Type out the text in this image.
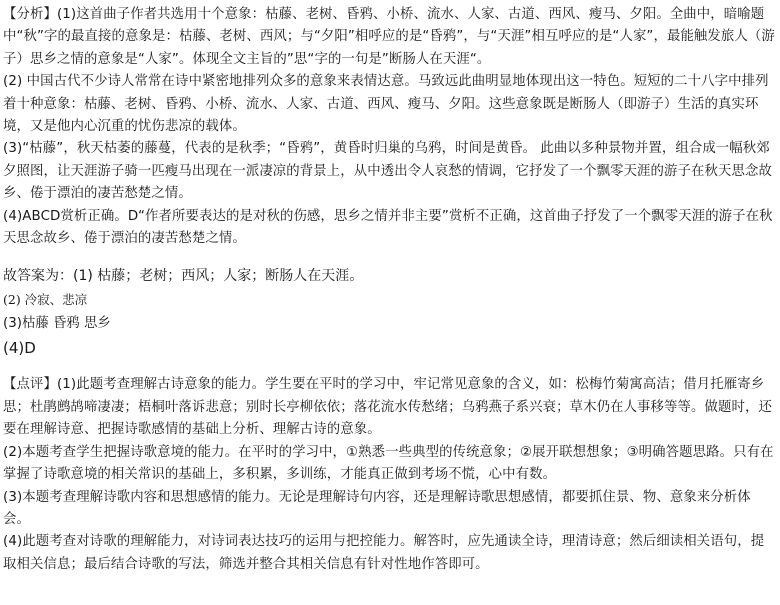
【分析】(1)这首曲子作者共选用十个意象：枯藤、老树、昏鸦、小桥、流水、人家、古道、西风、瘦马、夕阳。全曲中，暗喻题中“秋”字的最直接的意象是：枯藤、老树、西风；与“夕阳”相呼应的是“昏鸦”，与“天涯”相互呼应的是“人家”，最能触发旅人（游子）思乡之情的意象是“人家”。体现全文主旨的”思“字的一句是”断肠人在天涯“。

(2) 中国古代不少诗人常常在诗中紧密地排列众多的意象来表情达意。马致远此曲明显地体现出这一特色。短短的二十八字中排列着十种意象：枯藤、老树、昏鸦、小桥、流水、人家、古道、西风、瘦马、夕阳。这些意象既是断肠人（即游子）生活的真实环境，又是他内心沉重的忧伤悲凉的载体。

(3)“枯藤”，秋天枯萎的藤蔓，代表的是秋季；“昏鸦”，黄昏时归巢的乌鸦，时间是黄昏。 此曲以多种景物并置，组合成一幅秋郊夕照图，让天涯游子骑一匹瘦马出现在一派凄凉的背景上，从中透出令人哀愁的情调，它抒发了一个飘零天涯的游子在秋天思念故乡、倦于漂泊的凄苦愁楚之情。

(4)ABCD赏析正确。D“作者所要表达的是对秋的伤感，思乡之情并非主要”赏析不正确，这首曲子抒发了一个飘零天涯的游子在秋天思念故乡、倦于漂泊的凄苦愁楚之情。

故答案为：(1) 枯藤；老树；西风；人家；断肠人在天涯。

(2) 冷寂、悲凉

(3)枯藤 昏鸦 思乡

(4)D

【点评】(1)此题考查理解古诗意象的能力。学生要在平时的学习中，牢记常见意象的含义，如：松梅竹菊寓高洁；借月托雁寄乡思；杜鹃鹧鸪啼凄凄；梧桐叶落诉悲意；别时长亭柳依依；落花流水传愁绪；乌鸦燕子系兴衰；草木仍在人事移等等。做题时，还要在理解诗意、把握诗歌感情的基础上分析、理解古诗的意象。

(2)本题考查学生把握诗歌意境的能力。在平时的学习中，①熟悉一些典型的传统意象；②展开联想想象；③明确答题思路。只有在掌握了诗歌意境的相关常识的基础上，多积累，多训练，才能真正做到考场不慌，心中有数。

(3)本题考查理解诗歌内容和思想感情的能力。无论是理解诗句内容，还是理解诗歌思想感情，都要抓住景、物、意象来分析体会。

(4)此题考查对诗歌的理解能力，对诗词表达技巧的运用与把控能力。解答时，应先通读全诗，理清诗意；然后细读相关语句，提取相关信息；最后结合诗歌的写法，筛选并整合其相关信息有针对性地作答即可。
